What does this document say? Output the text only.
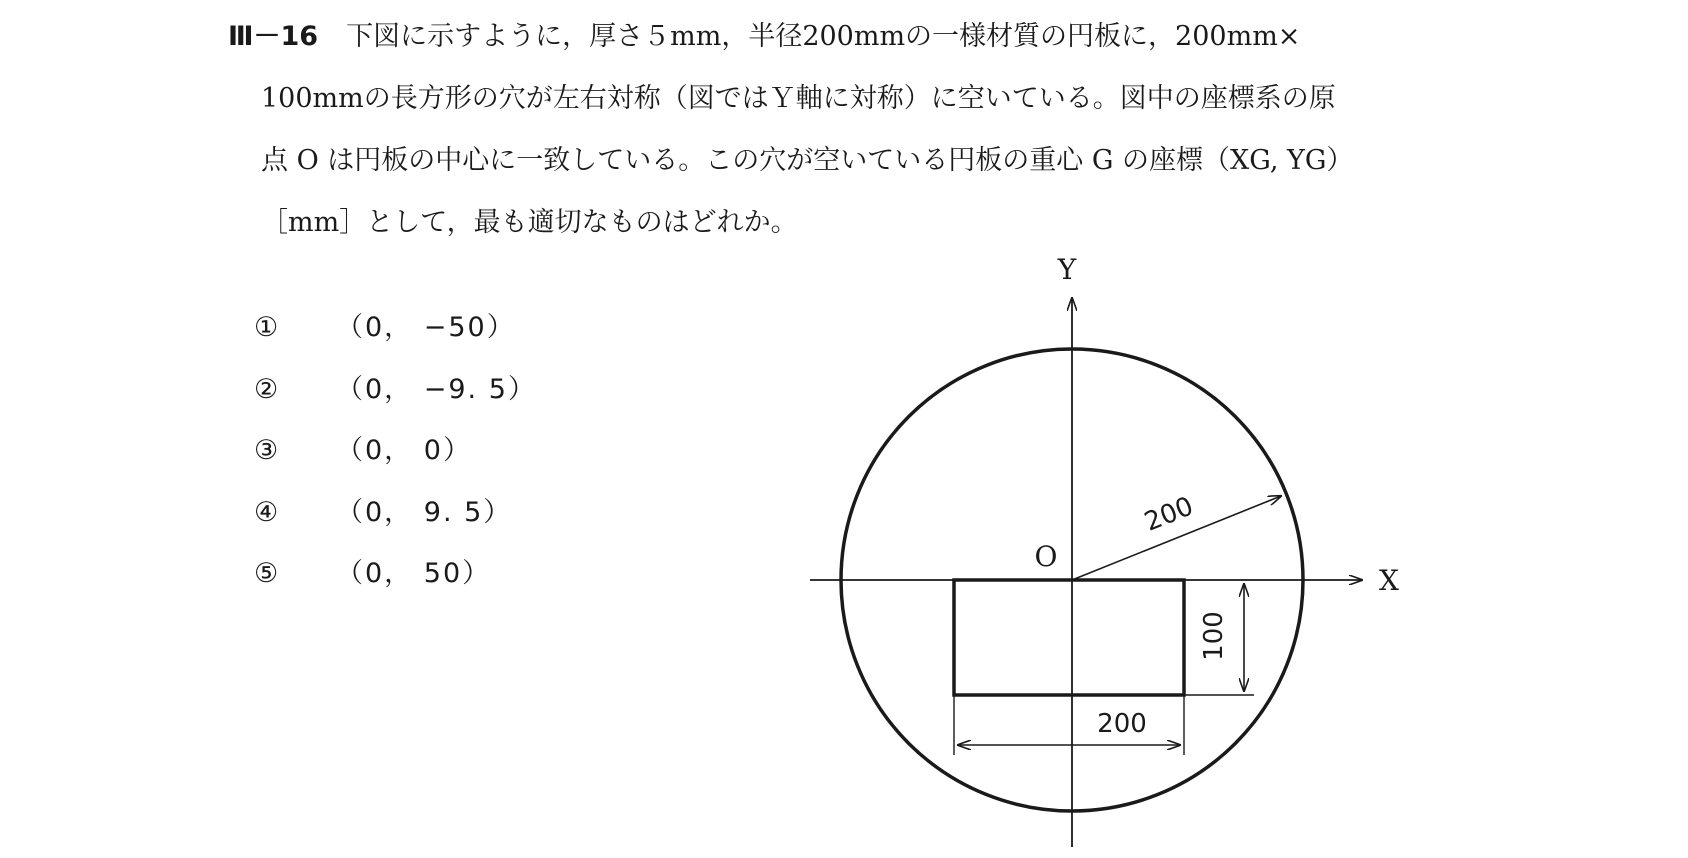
Ⅲ－16 下図に示すように，厚さ５mm，半径200mmの一様材質の円板に，200mm×
100mmの長方形の穴が左右対称（図ではＹ軸に対称）に空いている。図中の座標系の原
点 O は円板の中心に一致している。この穴が空いている円板の重心 G の座標（XG, YG）
［mm］として，最も適切なものはどれか。
① （0， −50）
② （0， −9. 5）
③ （0， 0）
④ （0， 9. 5）
⑤ （0， 50）
Y
X
O
200
100
200
